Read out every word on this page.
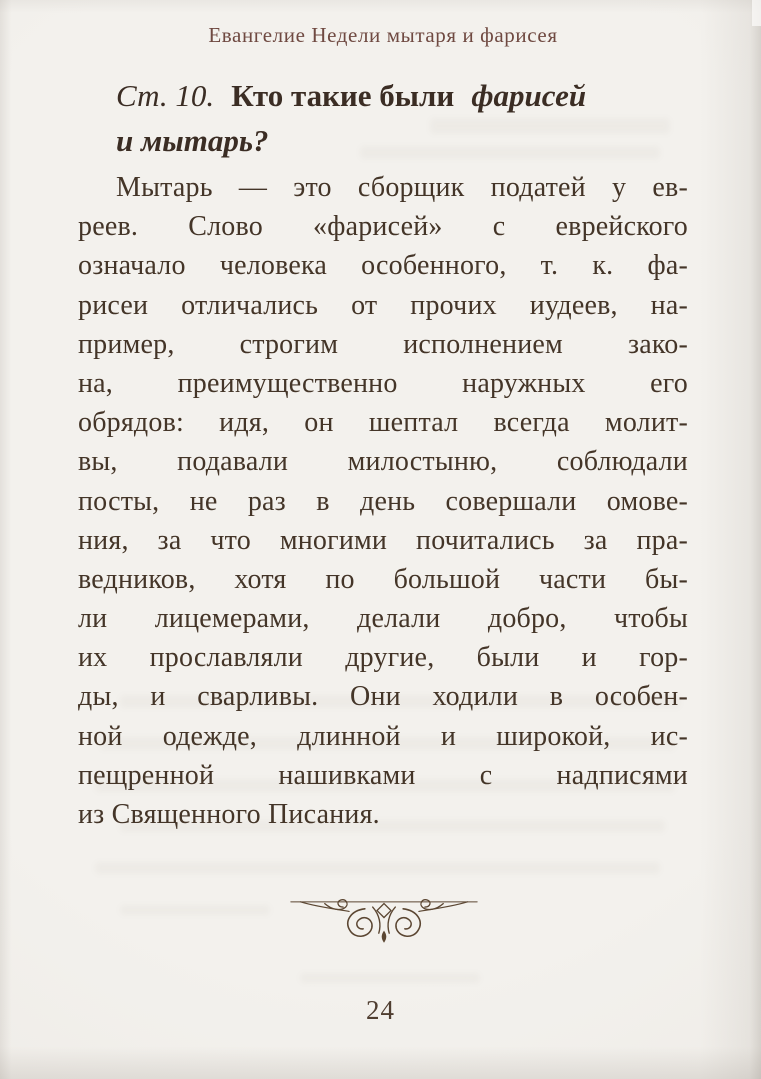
Евангелие Недели мытаря и фарисея
Ст. 10. Кто такие были фарисей
и мытарь?
Мытарь — это сборщик податей у ев-
реев. Слово «фарисей» с еврейского
означало человека особенного, т. к. фа-
рисеи отличались от прочих иудеев, на-
пример, строгим исполнением зако-
на, преимущественно наружных его
обрядов: идя, он шептал всегда молит-
вы, подавали милостыню, соблюдали
посты, не раз в день совершали омове-
ния, за что многими почитались за пра-
ведников, хотя по большой части бы-
ли лицемерами, делали добро, чтобы
их прославляли другие, были и гор-
ды, и сварливы. Они ходили в особен-
ной одежде, длинной и широкой, ис-
пещренной нашивками с надписями
из Священного Писания.
24
